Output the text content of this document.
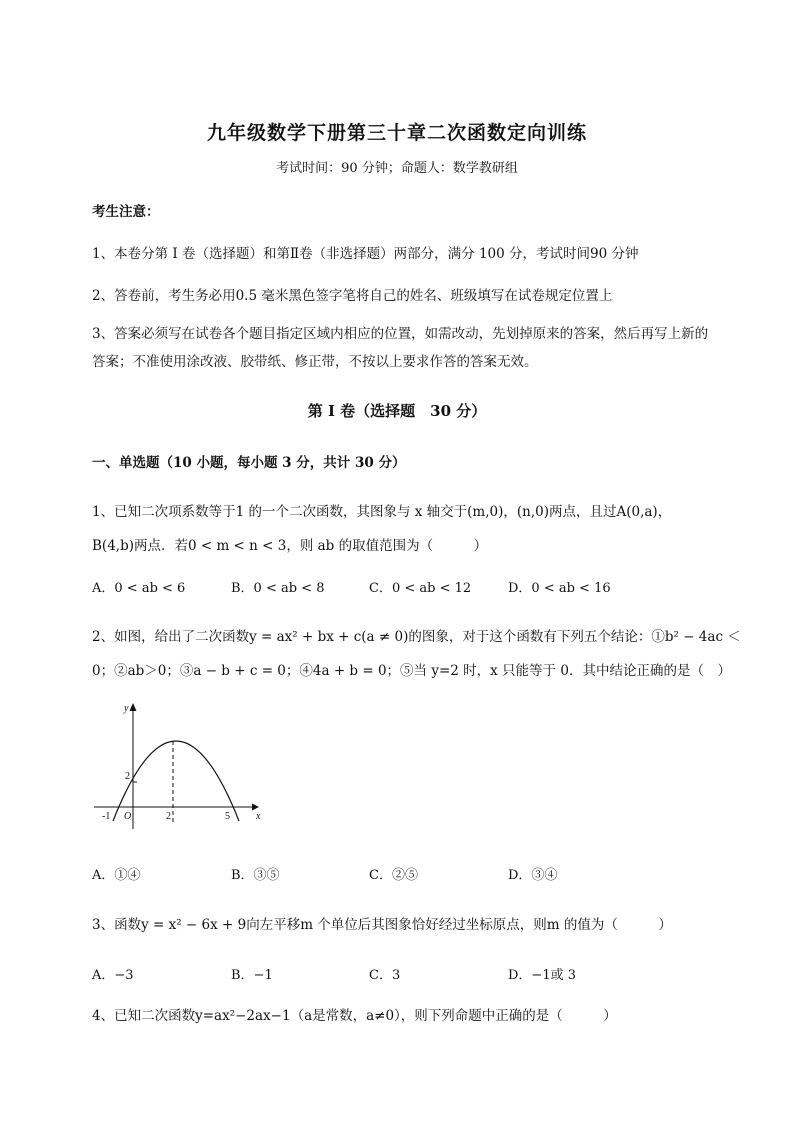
九年级数学下册第三十章二次函数定向训练
考试时间：90 分钟；命题人：数学教研组
考生注意：
1、本卷分第 I 卷（选择题）和第Ⅱ卷（非选择题）两部分，满分 100 分，考试时间90 分钟
2、答卷前，考生务必用0.5 毫米黑色签字笔将自己的姓名、班级填写在试卷规定位置上
3、答案必须写在试卷各个题目指定区域内相应的位置，如需改动，先划掉原来的答案，然后再写上新的答案；不准使用涂改液、胶带纸、修正带，不按以上要求作答的答案无效。
第 I 卷（选择题　30 分）
一、单选题（10 小题，每小题 3 分，共计 30 分）
1、已知二次项系数等于1 的一个二次函数，其图象与 x 轴交于(m,0)，(n,0)两点，且过A(0,a)，
B(4,b)两点．若0 < m < n < 3，则 ab 的取值范围为（　　　）
A．0 < ab < 6	B．0 < ab < 8	C．0 < ab < 12	D．0 < ab < 16
2、如图，给出了二次函数y = ax² + bx + c(a ≠ 0)的图象，对于这个函数有下列五个结论：①b² − 4ac ＜
0；②ab＞0；③a − b + c = 0；④4a + b = 0；⑤当 y=2 时，x 只能等于 0．其中结论正确的是（　）
x
y
O
-1	2	5
2
A．①④	B．③⑤	C．②⑤	D．③④
3、函数y = x² − 6x + 9向左平移m 个单位后其图象恰好经过坐标原点，则m 的值为（　　　）
A．−3	B．−1	C．3	D．−1或 3
4、已知二次函数y=ax²−2ax−1（a是常数，a≠0），则下列命题中正确的是（　　　）
